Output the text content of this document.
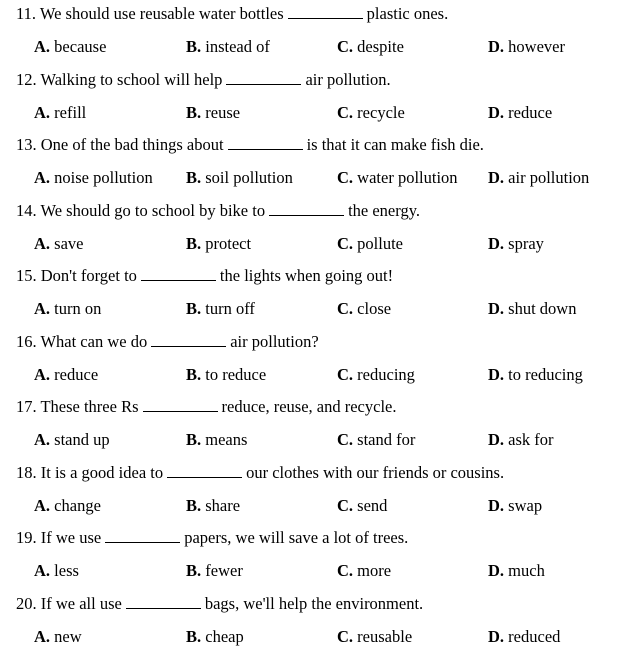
11. We should use reusable water bottles	plastic ones.
A. because	B. instead of	C. despite	D. however
12. Walking to school will help	air pollution.
A. refill	B. reuse	C. recycle	D. reduce
13. One of the bad things about	is that it can make fish die.
A. noise pollution B. soil pollution	C. water pollution D. air pollution
14. We should go to school by bike to	the energy.
A. save	B. protect	C. pollute	D. spray
15. Don't forget to	the lights when going out!
A. turn on	B. turn off	C. close	D. shut down
16. What can we do	air pollution?
A. reduce	B. to reduce	C. reducing	D. to reducing
17. These three Rs	reduce, reuse, and recycle.
A. stand up	B. means	C. stand for	D. ask for
18. It is a good idea to	our clothes with our friends or cousins.
A. change	B. share	C. send	D. swap
19. If we use	papers, we will save a lot of trees.
A. less	B. fewer	C. more	D. much
20. If we all use	bags, we'll help the environment.
A. new	B. cheap	C. reusable	D. reduced
